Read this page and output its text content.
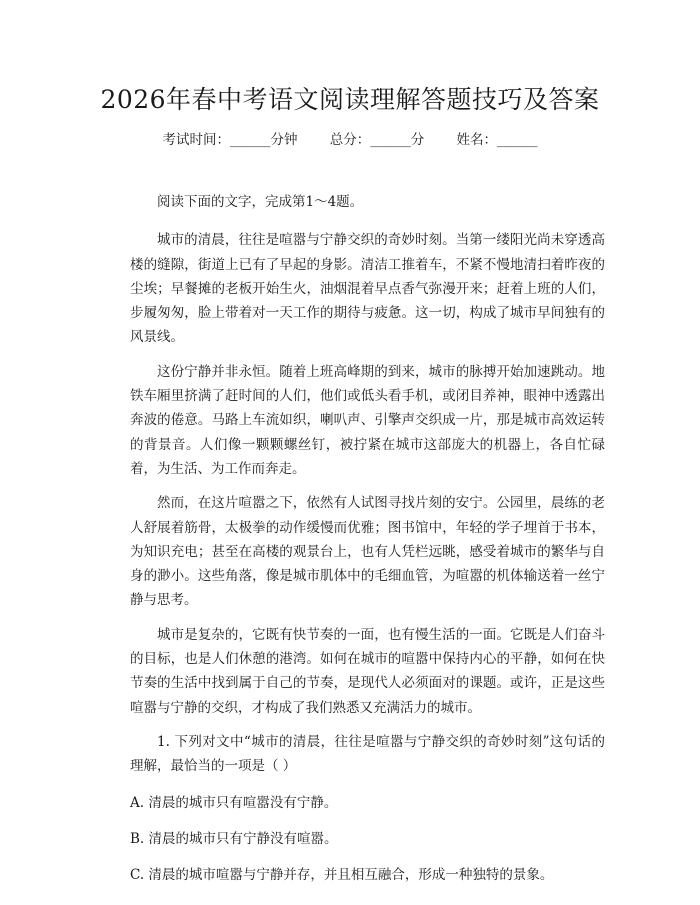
2026年春中考语文阅读理解答题技巧及答案
考试时间：______分钟 总分：______分 姓名：______

阅读下面的文字，完成第1～4题。

城市的清晨，往往是喧嚣与宁静交织的奇妙时刻。当第一缕阳光尚未穿透高楼的缝隙，街道上已有了早起的身影。清洁工推着车，不紧不慢地清扫着昨夜的尘埃；早餐摊的老板开始生火，油烟混着早点香气弥漫开来；赶着上班的人们，步履匆匆，脸上带着对一天工作的期待与疲惫。这一切，构成了城市早间独有的风景线。

这份宁静并非永恒。随着上班高峰期的到来，城市的脉搏开始加速跳动。地铁车厢里挤满了赶时间的人们，他们或低头看手机，或闭目养神，眼神中透露出奔波的倦意。马路上车流如织，喇叭声、引擎声交织成一片，那是城市高效运转的背景音。人们像一颗颗螺丝钉，被拧紧在城市这部庞大的机器上，各自忙碌着，为生活、为工作而奔走。

然而，在这片喧嚣之下，依然有人试图寻找片刻的安宁。公园里，晨练的老人舒展着筋骨，太极拳的动作缓慢而优雅；图书馆中，年轻的学子埋首于书本，为知识充电；甚至在高楼的观景台上，也有人凭栏远眺，感受着城市的繁华与自身的渺小。这些角落，像是城市肌体中的毛细血管，为喧嚣的机体输送着一丝宁静与思考。

城市是复杂的，它既有快节奏的一面，也有慢生活的一面。它既是人们奋斗的目标，也是人们休憩的港湾。如何在城市的喧嚣中保持内心的平静，如何在快节奏的生活中找到属于自己的节奏，是现代人必须面对的课题。或许，正是这些喧嚣与宁静的交织，才构成了我们熟悉又充满活力的城市。

1. 下列对文中“城市的清晨，往往是喧嚣与宁静交织的奇妙时刻”这句话的理解，最恰当的一项是（ ）

A. 清晨的城市只有喧嚣没有宁静。

B. 清晨的城市只有宁静没有喧嚣。

C. 清晨的城市喧嚣与宁静并存，并且相互融合，形成一种独特的景象。
